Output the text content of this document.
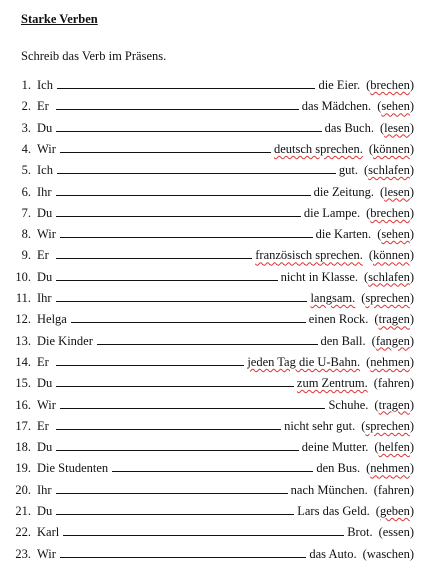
Starke Verben
Schreib das Verb im Präsens.
1. Ich	die Eier. (brechen)
2. Er	das Mädchen. (sehen)
3. Du	das Buch. (lesen)
4. Wir	deutsch sprechen. (können)
5. Ich	gut. (schlafen)
6. Ihr	die Zeitung. (lesen)
7. Du	die Lampe. (brechen)
8. Wir	die Karten. (sehen)
9. Er	französisch sprechen. (können)
10. Du	nicht in Klasse. (schlafen)
11. Ihr	langsam. (sprechen)
12. Helga	einen Rock. (tragen)
13. Die Kinder	den Ball. (fangen)
14. Er	jeden Tag die U-Bahn. (nehmen)
15. Du	zum Zentrum. (fahren)
16. Wir	Schuhe. (tragen)
17. Er	nicht sehr gut. (sprechen)
18. Du	deine Mutter. (helfen)
19. Die Studenten	den Bus. (nehmen)
20. Ihr	nach München. (fahren)
21. Du	Lars das Geld. (geben)
22. Karl	Brot. (essen)
23. Wir	das Auto. (waschen)
